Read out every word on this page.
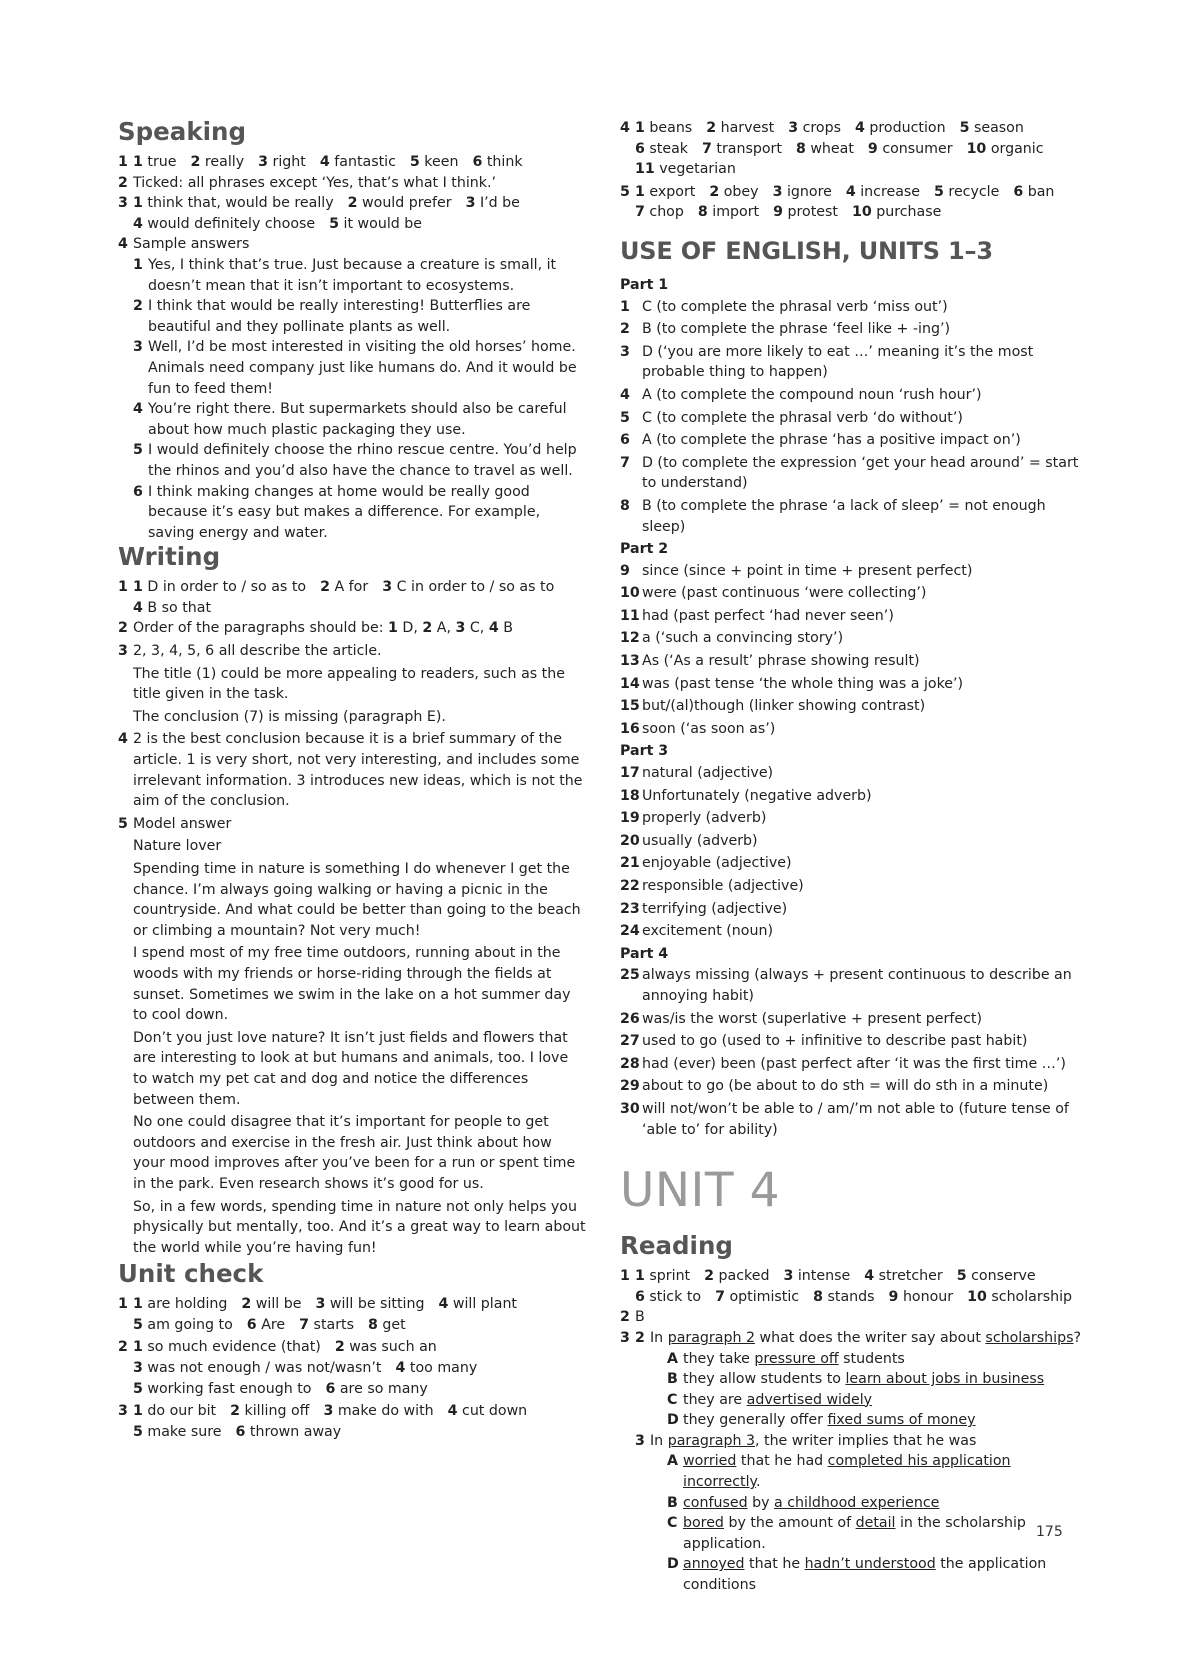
Speaking
1 1 true 2 really 3 right 4 fantastic 5 keen 6 think
2 Ticked: all phrases except ‘Yes, that’s what I think.’
3 1 think that, would be really 2 would prefer 3 I’d be
4 would definitely choose 5 it would be
4 Sample answers
1 Yes, I think that’s true. Just because a creature is small, it doesn’t mean that it isn’t important to ecosystems.
2 I think that would be really interesting! Butterflies are beautiful and they pollinate plants as well.
3 Well, I’d be most interested in visiting the old horses’ home. Animals need company just like humans do. And it would be fun to feed them!
4 You’re right there. But supermarkets should also be careful about how much plastic packaging they use.
5 I would definitely choose the rhino rescue centre. You’d help the rhinos and you’d also have the chance to travel as well.
6 I think making changes at home would be really good because it’s easy but makes a difference. For example, saving energy and water.
Writing
1 1 D in order to / so as to 2 A for 3 C in order to / so as to
4 B so that
2 Order of the paragraphs should be: 1 D, 2 A, 3 C, 4 B
3 2, 3, 4, 5, 6 all describe the article.
The title (1) could be more appealing to readers, such as the title given in the task.
The conclusion (7) is missing (paragraph E).
4 2 is the best conclusion because it is a brief summary of the article. 1 is very short, not very interesting, and includes some irrelevant information. 3 introduces new ideas, which is not the aim of the conclusion.
5 Model answer
Nature lover
Spending time in nature is something I do whenever I get the chance. I’m always going walking or having a picnic in the countryside. And what could be better than going to the beach or climbing a mountain? Not very much!
I spend most of my free time outdoors, running about in the woods with my friends or horse-riding through the fields at sunset. Sometimes we swim in the lake on a hot summer day to cool down.
Don’t you just love nature? It isn’t just fields and flowers that are interesting to look at but humans and animals, too. I love to watch my pet cat and dog and notice the differences between them.
No one could disagree that it’s important for people to get outdoors and exercise in the fresh air. Just think about how your mood improves after you’ve been for a run or spent time in the park. Even research shows it’s good for us.
So, in a few words, spending time in nature not only helps you physically but mentally, too. And it’s a great way to learn about the world while you’re having fun!
Unit check
1 1 are holding 2 will be 3 will be sitting 4 will plant
5 am going to 6 Are 7 starts 8 get
2 1 so much evidence (that) 2 was such an
3 was not enough / was not/wasn’t 4 too many
5 working fast enough to 6 are so many
3 1 do our bit 2 killing off 3 make do with 4 cut down
5 make sure 6 thrown away
4 1 beans 2 harvest 3 crops 4 production 5 season
6 steak 7 transport 8 wheat 9 consumer 10 organic
11 vegetarian
5 1 export 2 obey 3 ignore 4 increase 5 recycle 6 ban
7 chop 8 import 9 protest 10 purchase
USE OF ENGLISH, UNITS 1–3
Part 1
1 C (to complete the phrasal verb ‘miss out’)
2 B (to complete the phrase ‘feel like + -ing’)
3 D (‘you are more likely to eat …’ meaning it’s the most probable thing to happen)
4 A (to complete the compound noun ‘rush hour’)
5 C (to complete the phrasal verb ‘do without’)
6 A (to complete the phrase ‘has a positive impact on’)
7 D (to complete the expression ‘get your head around’ = start to understand)
8 B (to complete the phrase ‘a lack of sleep’ = not enough sleep)
Part 2
9 since (since + point in time + present perfect)
10 were (past continuous ‘were collecting’)
11 had (past perfect ‘had never seen’)
12 a (‘such a convincing story’)
13 As (‘As a result’ phrase showing result)
14 was (past tense ‘the whole thing was a joke’)
15 but/(al)though (linker showing contrast)
16 soon (‘as soon as’)
Part 3
17 natural (adjective)
18 Unfortunately (negative adverb)
19 properly (adverb)
20 usually (adverb)
21 enjoyable (adjective)
22 responsible (adjective)
23 terrifying (adjective)
24 excitement (noun)
Part 4
25 always missing (always + present continuous to describe an annoying habit)
26 was/is the worst (superlative + present perfect)
27 used to go (used to + infinitive to describe past habit)
28 had (ever) been (past perfect after ‘it was the first time …’)
29 about to go (be about to do sth = will do sth in a minute)
30 will not/won’t be able to / am/’m not able to (future tense of ‘able to’ for ability)
UNIT 4
Reading
1 1 sprint 2 packed 3 intense 4 stretcher 5 conserve
6 stick to 7 optimistic 8 stands 9 honour 10 scholarship
2 B
3 2 In paragraph 2 what does the writer say about scholarships?
A they take pressure off students
B they allow students to learn about jobs in business
C they are advertised widely
D they generally offer fixed sums of money
3 In paragraph 3, the writer implies that he was
A worried that he had completed his application incorrectly.
B confused by a childhood experience
C bored by the amount of detail in the scholarship application.
D annoyed that he hadn’t understood the application conditions
175
